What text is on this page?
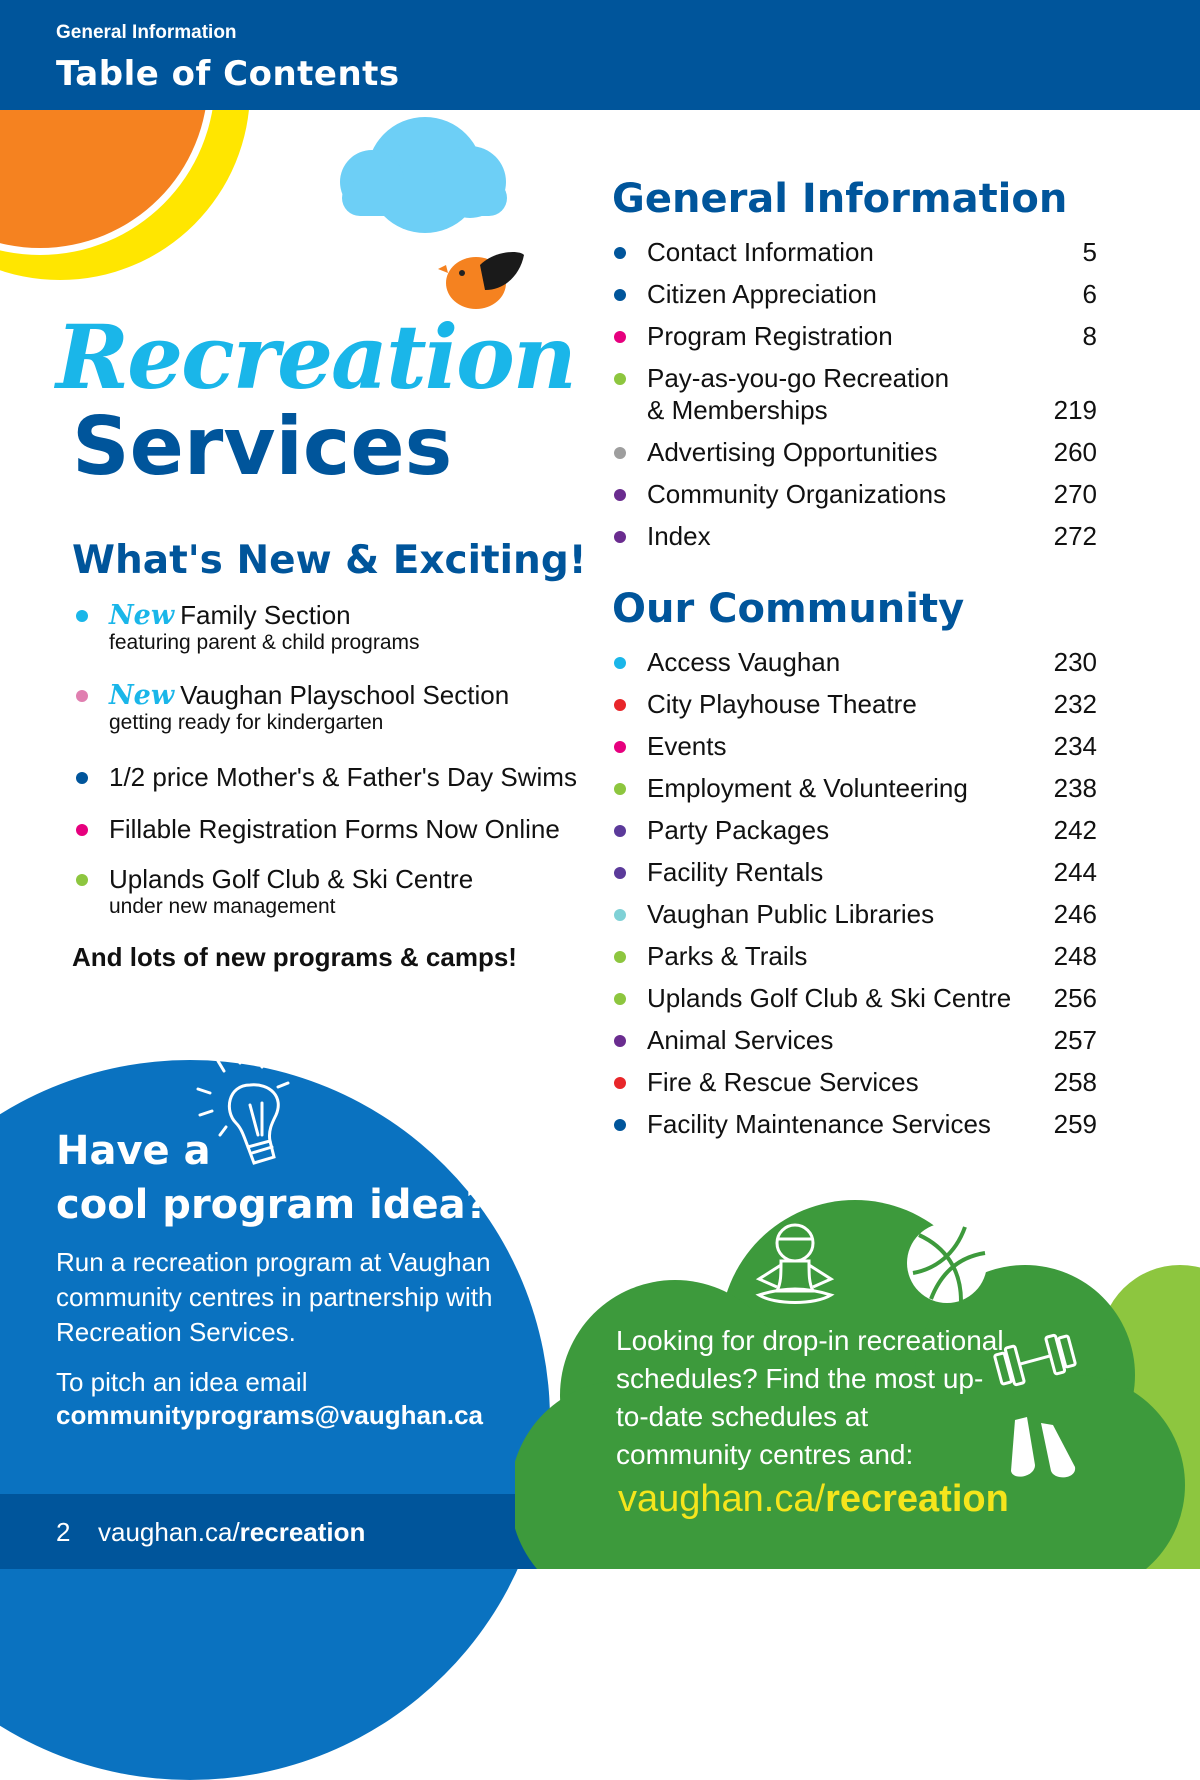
General Information
Table of Contents
Recreation
Services
What's New & Exciting!
New Family Section
featuring parent & child programs
New Vaughan Playschool Section
getting ready for kindergarten
1/2 price Mother's & Father's Day Swims
Fillable Registration Forms Now Online
Uplands Golf Club & Ski Centre
under new management
And lots of new programs & camps!
General Information
Contact Information	5
Citizen Appreciation	6
Program Registration	8
Pay-as-you-go Recreation
& Memberships	219
Advertising Opportunities	260
Community Organizations	270
Index	272
Our Community
Access Vaughan	230
City Playhouse Theatre	232
Events	234
Employment & Volunteering	238
Party Packages	242
Facility Rentals	244
Vaughan Public Libraries	246
Parks & Trails	248
Uplands Golf Club & Ski Centre 256
Animal Services	257
Fire & Rescue Services	258
Facility Maintenance Services 259
Have a
cool program idea?
Run a recreation program at Vaughan community centres in partnership with Recreation Services.
To pitch an idea email
communityprograms@vaughan.ca
2 vaughan.ca/recreation
Looking for drop-in recreational schedules? Find the most up-to-date schedules at community centres and:
vaughan.ca/recreation
